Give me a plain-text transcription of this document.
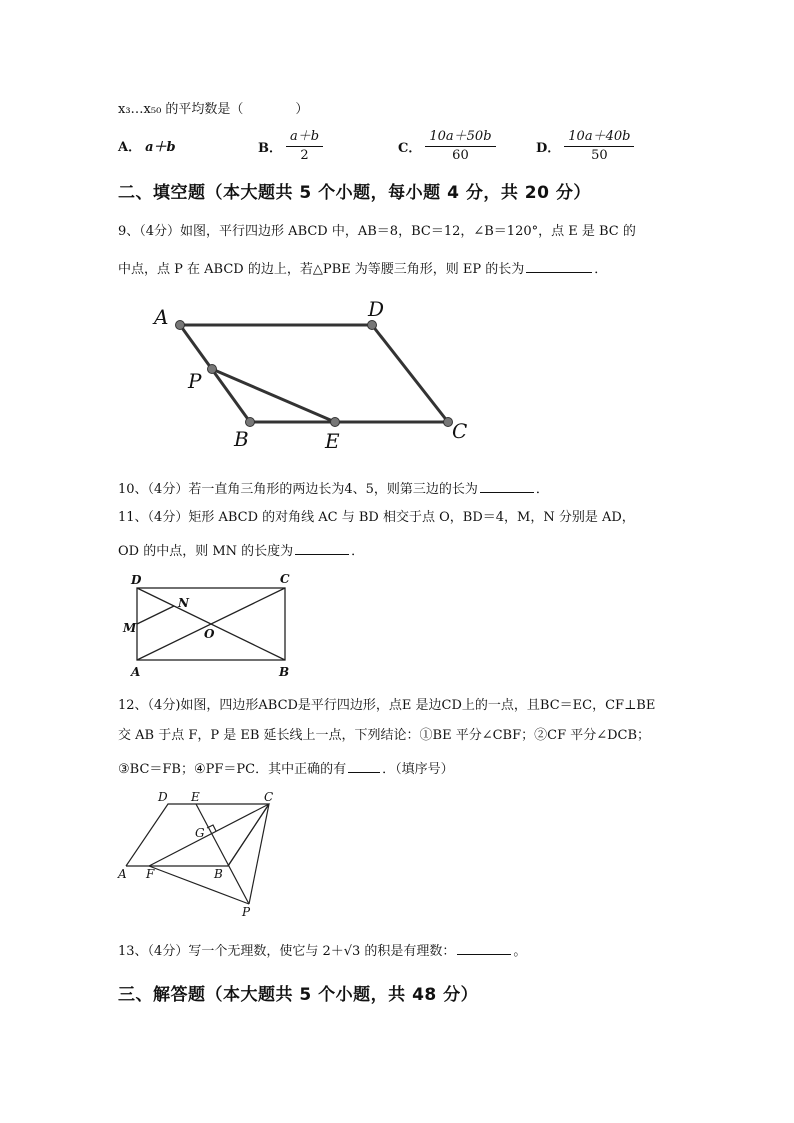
x₃…x₅₀ 的平均数是（　　　　）
A． a＋b	B． $\frac{a+b}{2}$	C． $\frac{10a+50b}{60}$	D． $\frac{10a+40b}{50}$
二、填空题（本大题共 5 个小题，每小题 4 分，共 20 分）
9、（4分）如图，平行四边形 ABCD 中，AB＝8，BC＝12，∠B＝120°，点 E 是 BC 的
中点，点 P 在 ABCD 的边上，若△PBE 为等腰三角形，则 EP 的长为	．
A	D
P
B	E	C
10、（4分）若一直角三角形的两边长为4、5，则第三边的长为	．
11、（4分）矩形 ABCD 的对角线 AC 与 BD 相交于点 O，BD＝4，M，N 分别是 AD，
OD 的中点，则 MN 的长度为	．
D	C
N
M	O
A	B
12、（4分)如图，四边形ABCD是平行四边形，点E 是边CD上的一点，且BC＝EC，CF⊥BE
交 AB 于点 F，P 是 EB 延长线上一点，下列结论：①BE 平分∠CBF；②CF 平分∠DCB；
③BC＝FB；④PF＝PC．其中正确的有	．（填序号）
D E	C
G
A F	B
P
13、（4分）写一个无理数，使它与 2＋√3 的积是有理数：	。
三、解答题（本大题共 5 个小题，共 48 分）
